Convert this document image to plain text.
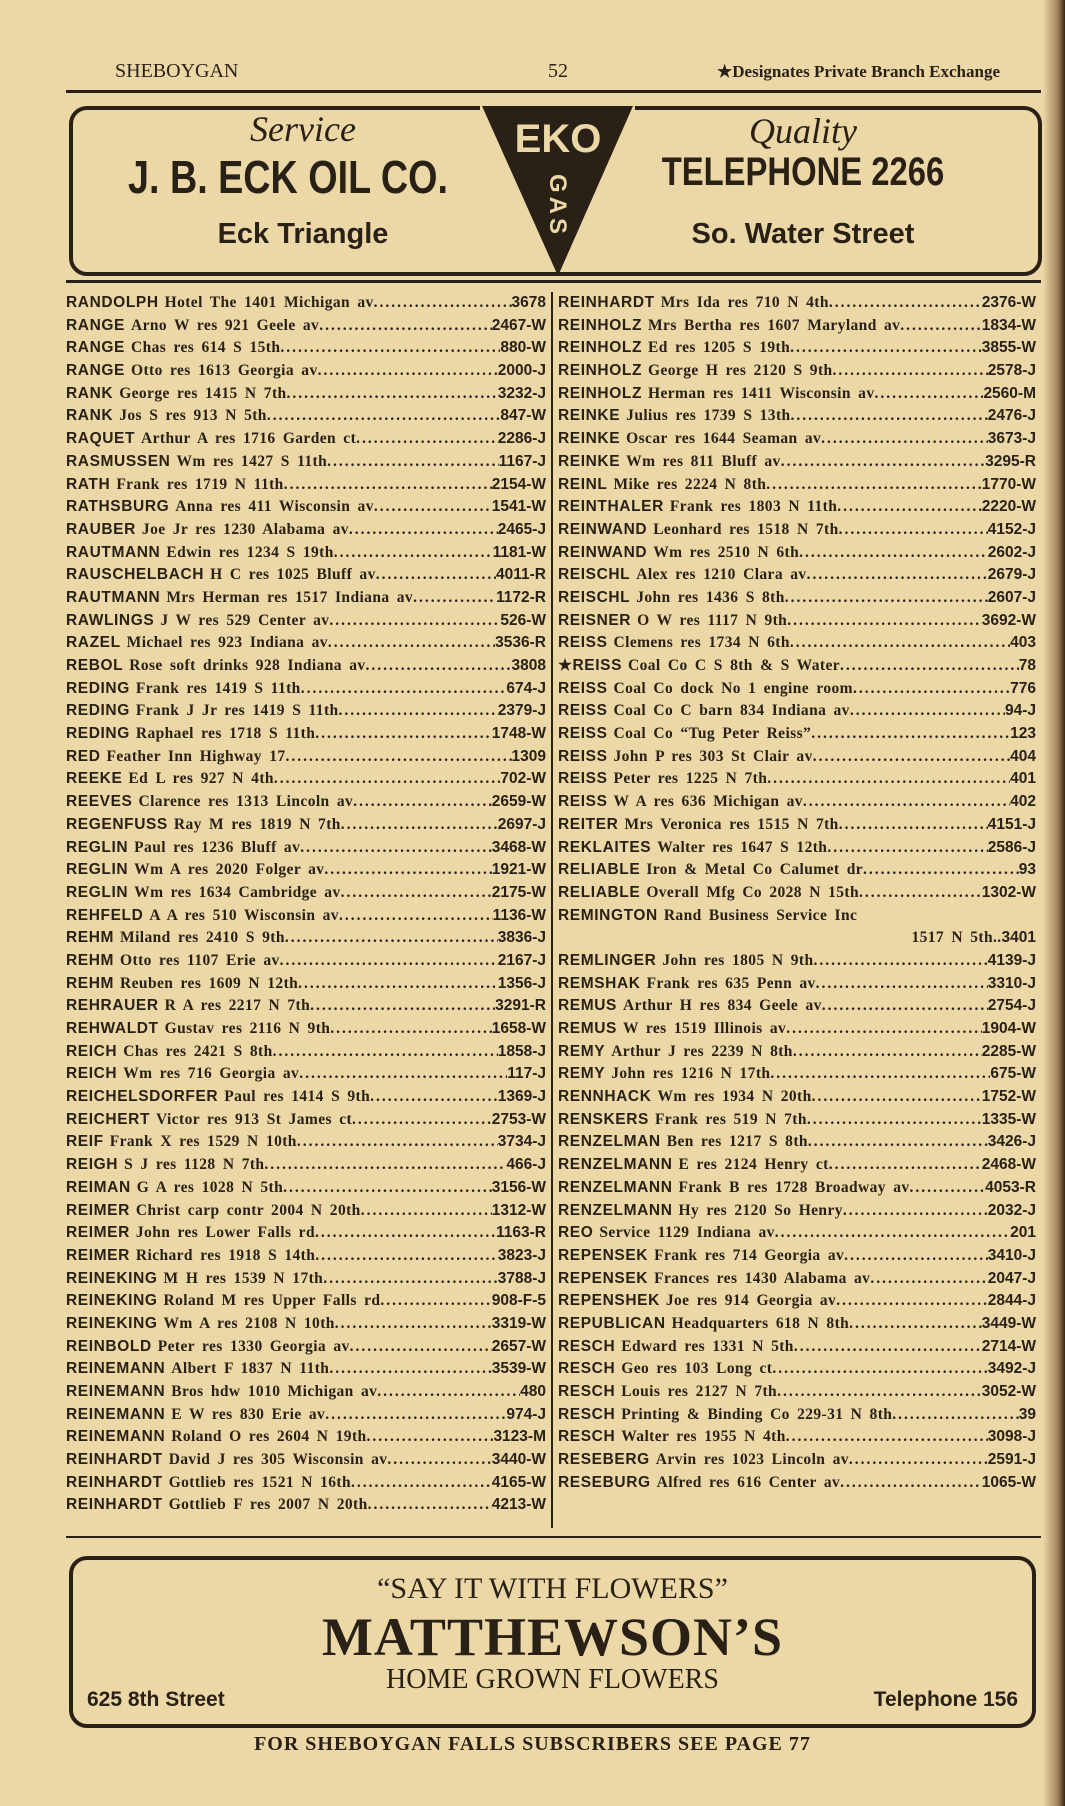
SHEBOYGAN	52	★Designates Private Branch Exchange
Service
J. B. ECK OIL CO.
Eck Triangle
Quality
TELEPHONE 2266
So. Water Street
EKO
GAS
RANDOLPH Hotel The 1401 Michigan av .....	3678
RANGE Arno W res 921 Geele av .....	2467-W
RANGE Chas res 614 S 15th .....	880-W
RANGE Otto res 1613 Georgia av .....	2000-J
RANK George res 1415 N 7th .....	3232-J
RANK Jos S res 913 N 5th .....	847-W
RAQUET Arthur A res 1716 Garden ct .....	2286-J
RASMUSSEN Wm res 1427 S 11th .....	1167-J
RATH Frank res 1719 N 11th .....	2154-W
RATHSBURG Anna res 411 Wisconsin av .....	1541-W
RAUBER Joe Jr res 1230 Alabama av .....	2465-J
RAUTMANN Edwin res 1234 S 19th .....	1181-W
RAUSCHELBACH H C res 1025 Bluff av .....	4011-R
RAUTMANN Mrs Herman res 1517 Indiana av .....	1172-R
RAWLINGS J W res 529 Center av .....	526-W
RAZEL Michael res 923 Indiana av .....	3536-R
REBOL Rose soft drinks 928 Indiana av .....	3808
REDING Frank res 1419 S 11th .....	674-J
REDING Frank J Jr res 1419 S 11th .....	2379-J
REDING Raphael res 1718 S 11th .....	1748-W
RED Feather Inn Highway 17 .....	1309
REEKE Ed L res 927 N 4th .....	702-W
REEVES Clarence res 1313 Lincoln av .....	2659-W
REGENFUSS Ray M res 1819 N 7th .....	2697-J
REGLIN Paul res 1236 Bluff av .....	3468-W
REGLIN Wm A res 2020 Folger av .....	1921-W
REGLIN Wm res 1634 Cambridge av .....	2175-W
REHFELD A A res 510 Wisconsin av .....	1136-W
REHM Miland res 2410 S 9th .....	3836-J
REHM Otto res 1107 Erie av .....	2167-J
REHM Reuben res 1609 N 12th .....	1356-J
REHRAUER R A res 2217 N 7th .....	3291-R
REHWALDT Gustav res 2116 N 9th .....	1658-W
REICH Chas res 2421 S 8th .....	1858-J
REICH Wm res 716 Georgia av .....	117-J
REICHELSDORFER Paul res 1414 S 9th .....	1369-J
REICHERT Victor res 913 St James ct .....	2753-W
REIF Frank X res 1529 N 10th .....	3734-J
REIGH S J res 1128 N 7th .....	466-J
REIMAN G A res 1028 N 5th .....	3156-W
REIMER Christ carp contr 2004 N 20th .....	1312-W
REIMER John res Lower Falls rd .....	1163-R
REIMER Richard res 1918 S 14th .....	3823-J
REINEKING M H res 1539 N 17th .....	3788-J
REINEKING Roland M res Upper Falls rd .....	908-F-5
REINEKING Wm A res 2108 N 10th .....	3319-W
REINBOLD Peter res 1330 Georgia av .....	2657-W
REINEMANN Albert F 1837 N 11th .....	3539-W
REINEMANN Bros hdw 1010 Michigan av .....	480
REINEMANN E W res 830 Erie av .....	974-J
REINEMANN Roland O res 2604 N 19th .....	3123-M
REINHARDT David J res 305 Wisconsin av .....	3440-W
REINHARDT Gottlieb res 1521 N 16th .....	4165-W
REINHARDT Gottlieb F res 2007 N 20th .....	4213-W
REINHARDT Mrs Ida res 710 N 4th .....	2376-W
REINHOLZ Mrs Bertha res 1607 Maryland av .....	1834-W
REINHOLZ Ed res 1205 S 19th .....	3855-W
REINHOLZ George H res 2120 S 9th .....	2578-J
REINHOLZ Herman res 1411 Wisconsin av .....	2560-M
REINKE Julius res 1739 S 13th .....	2476-J
REINKE Oscar res 1644 Seaman av .....	3673-J
REINKE Wm res 811 Bluff av .....	3295-R
REINL Mike res 2224 N 8th .....	1770-W
REINTHALER Frank res 1803 N 11th .....	2220-W
REINWAND Leonhard res 1518 N 7th .....	4152-J
REINWAND Wm res 2510 N 6th .....	2602-J
REISCHL Alex res 1210 Clara av .....	2679-J
REISCHL John res 1436 S 8th .....	2607-J
REISNER O W res 1117 N 9th .....	3692-W
REISS Clemens res 1734 N 6th .....	403
★REISS Coal Co C S 8th & S Water .....	78
REISS Coal Co dock No 1 engine room .....	776
REISS Coal Co C barn 834 Indiana av .....	94-J
REISS Coal Co “Tug Peter Reiss” .....	123
REISS John P res 303 St Clair av .....	404
REISS Peter res 1225 N 7th .....	401
REISS W A res 636 Michigan av .....	402
REITER Mrs Veronica res 1515 N 7th .....	4151-J
REKLAITES Walter res 1647 S 12th .....	2586-J
RELIABLE Iron & Metal Co Calumet dr .....	93
RELIABLE Overall Mfg Co 2028 N 15th .....	1302-W
REMINGTON Rand Business Service Inc
1517 N 5th.. 3401
REMLINGER John res 1805 N 9th .....	4139-J
REMSHAK Frank res 635 Penn av .....	3310-J
REMUS Arthur H res 834 Geele av .....	2754-J
REMUS W res 1519 Illinois av .....	1904-W
REMY Arthur J res 2239 N 8th .....	2285-W
REMY John res 1216 N 17th .....	675-W
RENNHACK Wm res 1934 N 20th .....	1752-W
RENSKERS Frank res 519 N 7th .....	1335-W
RENZELMAN Ben res 1217 S 8th .....	3426-J
RENZELMANN E res 2124 Henry ct .....	2468-W
RENZELMANN Frank B res 1728 Broadway av .....	4053-R
RENZELMANN Hy res 2120 So Henry .....	2032-J
REO Service 1129 Indiana av .....	201
REPENSEK Frank res 714 Georgia av .....	3410-J
REPENSEK Frances res 1430 Alabama av .....	2047-J
REPENSHEK Joe res 914 Georgia av .....	2844-J
REPUBLICAN Headquarters 618 N 8th .....	3449-W
RESCH Edward res 1331 N 5th .....	2714-W
RESCH Geo res 103 Long ct .....	3492-J
RESCH Louis res 2127 N 7th .....	3052-W
RESCH Printing & Binding Co 229-31 N 8th .....	39
RESCH Walter res 1955 N 4th .....	3098-J
RESEBERG Arvin res 1023 Lincoln av .....	2591-J
RESEBURG Alfred res 616 Center av .....	1065-W
“SAY IT WITH FLOWERS”
MATTHEWSON’S
HOME GROWN FLOWERS
625 8th Street	Telephone 156
FOR SHEBOYGAN FALLS SUBSCRIBERS SEE PAGE 77
